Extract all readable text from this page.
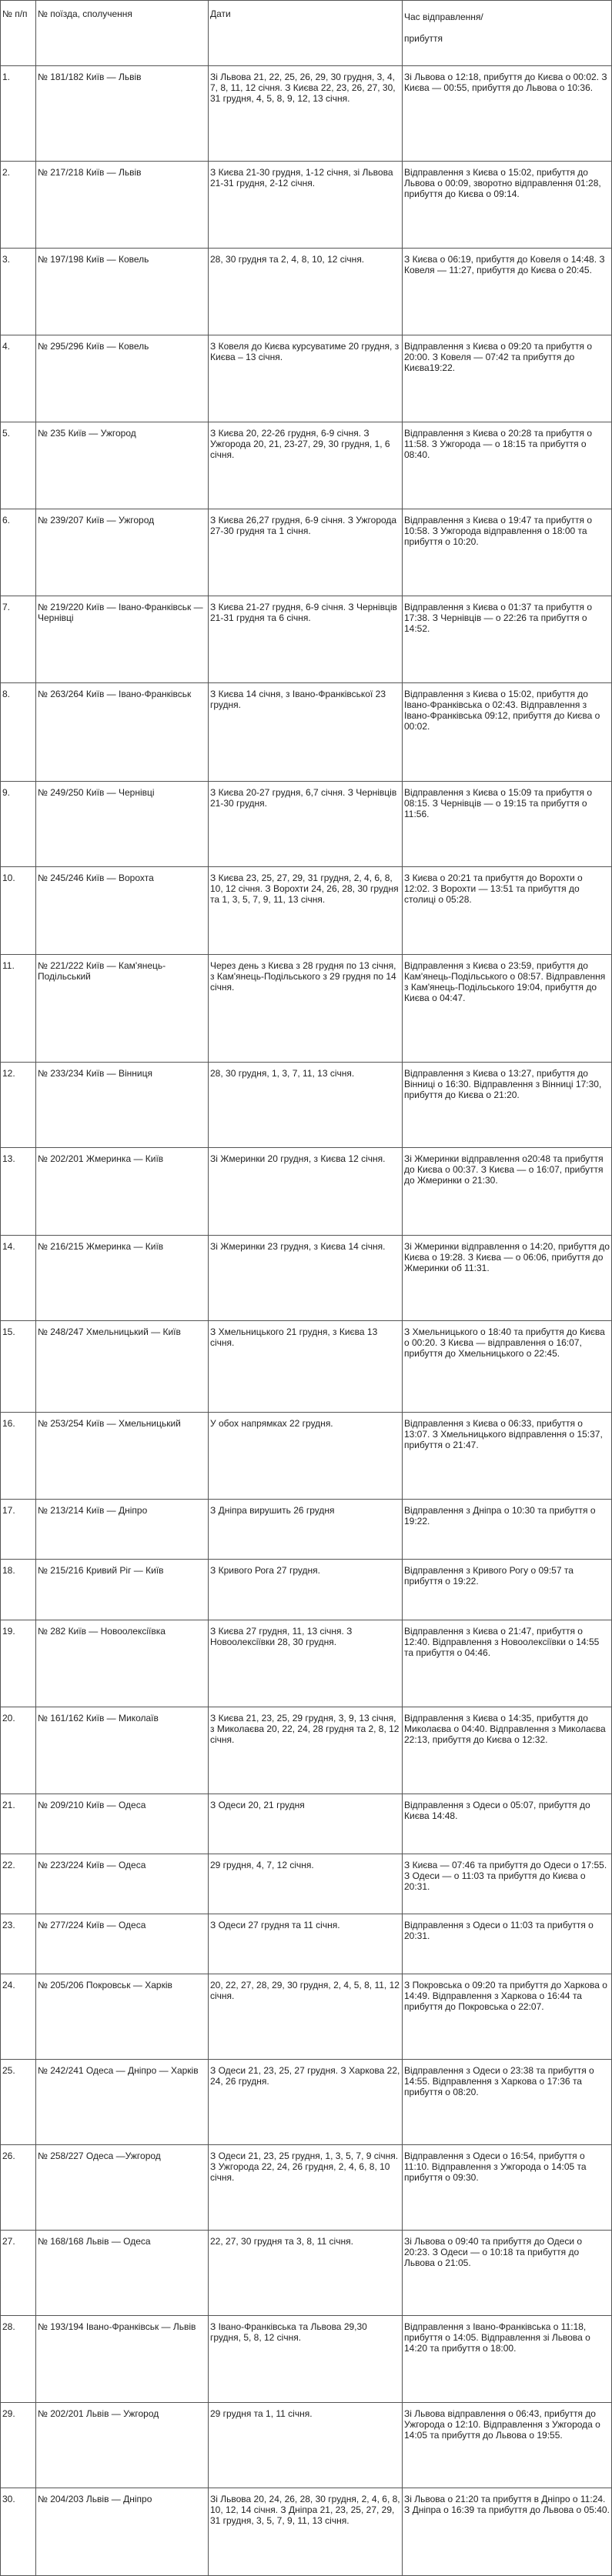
№ п/п	№ поїзда, сполучення	Дати	Час відправлення/
прибуття

1.	№ 181/182 Київ — Львів	Зі Львова 21, 22, 25, 26, 29, 30 грудня, 3, 4, 7, 8, 11, 12 січня. З Києва 22, 23, 26, 27, 30, 31 грудня, 4, 5, 8, 9, 12, 13 січня.	Зі Львова о 12:18, прибуття до Києва о 00:02. З Києва — 00:55, прибуття до Львова о 10:36.
2.	№ 217/218 Київ — Львів	З Києва 21-30 грудня, 1-12 січня, зі Львова 21-31 грудня, 2-12 січня.	Відправлення з Києва о 15:02, прибуття до Львова о 00:09, зворотно відправлення 01:28, прибуття до Києва о 09:14.
3.	№ 197/198 Київ — Ковель	28, 30 грудня та 2, 4, 8, 10, 12 січня.	З Києва о 06:19, прибуття до Ковеля о 14:48. З Ковеля — 11:27, прибуття до Києва о 20:45.
4.	№ 295/296 Київ — Ковель	З Ковеля до Києва курсуватиме 20 грудня, з Києва – 13 січня.	Відправлення з Києва о 09:20 та прибуття о 20:00. З Ковеля — 07:42 та прибуття до Києва19:22.
5.	№ 235 Київ — Ужгород	З Києва 20, 22-26 грудня, 6-9 січня. З Ужгорода 20, 21, 23-27, 29, 30 грудня, 1, 6 січня.	Відправлення з Києва о 20:28 та прибуття о 11:58. З Ужгорода — о 18:15 та прибуття о 08:40.
6.	№ 239/207 Київ — Ужгород	З Києва 26,27 грудня, 6-9 січня. З Ужгорода 27-30 грудня та 1 січня.	Відправлення з Києва о 19:47 та прибуття о 10:58. З Ужгорода відправлення о 18:00 та прибуття о 10:20.
7.	№ 219/220 Київ — Івано-Франківськ — Чернівці	З Києва 21-27 грудня, 6-9 січня. З Чернівців 21-31 грудня та 6 січня.	Відправлення з Києва о 01:37 та прибуття о 17:38. З Чернівців — о 22:26 та прибуття о 14:52.
8.	№ 263/264 Київ — Івано-Франківськ	З Києва 14 січня, з Івано-Франківської 23 грудня.	Відправлення з Києва о 15:02, прибуття до Івано-Франківська о 02:43. Відправлення з Івано-Франківська 09:12, прибуття до Києва о 00:02.
9.	№ 249/250 Київ — Чернівці	З Києва 20-27 грудня, 6,7 січня. З Чернівців 21-30 грудня.	Відправлення з Києва о 15:09 та прибуття о 08:15. З Чернівців — о 19:15 та прибуття о 11:56.
10.	№ 245/246 Київ — Ворохта	З Києва 23, 25, 27, 29, 31 грудня, 2, 4, 6, 8, 10, 12 січня. З Ворохти 24, 26, 28, 30 грудня та 1, 3, 5, 7, 9, 11, 13 січня.	З Києва о 20:21 та прибуття до Ворохти о 12:02. З Ворохти — 13:51 та прибуття до столиці о 05:28.
11.	№ 221/222 Київ — Кам'янець-Подільський	Через день з Києва з 28 грудня по 13 січня, з Кам'янець-Подільського з 29 грудня по 14 січня.	Відправлення з Києва о 23:59, прибуття до Кам'янець-Подільського о 08:57. Відправлення з Кам'янець-Подільського 19:04, прибуття до Києва о 04:47.
12.	№ 233/234 Київ — Вінниця	28, 30 грудня, 1, 3, 7, 11, 13 січня.	Відправлення з Києва о 13:27, прибуття до Вінниці о 16:30. Відправлення з Вінниці 17:30, прибуття до Києва о 21:20.
13.	№ 202/201 Жмеринка — Київ	Зі Жмеринки 20 грудня, з Києва 12 січня.	Зі Жмеринки відправлення о20:48 та прибуття до Києва о 00:37. З Києва — о 16:07, прибуття до Жмеринки о 21:30.
14.	№ 216/215 Жмеринка — Київ	Зі Жмеринки 23 грудня, з Києва 14 січня.	Зі Жмеринки відправлення о 14:20, прибуття до Києва о 19:28. З Києва — о 06:06, прибуття до Жмеринки об 11:31.
15.	№ 248/247 Хмельницький — Київ	З Хмельницького 21 грудня, з Києва 13 січня.	З Хмельницького о 18:40 та прибуття до Києва о 00:20. З Києва — відправлення о 16:07, прибуття до Хмельницького о 22:45.
16.	№ 253/254 Київ — Хмельницький	У обох напрямках 22 грудня.	Відправлення з Києва о 06:33, прибуття о 13:07. З Хмельницького відправлення о 15:37, прибуття о 21:47.
17.	№ 213/214 Київ — Дніпро	З Дніпра вирушить 26 грудня	Відправлення з Дніпра о 10:30 та прибуття о 19:22.
18.	№ 215/216 Кривий Ріг — Київ	З Кривого Рога 27 грудня.	Відправлення з Кривого Рогу о 09:57 та прибуття о 19:22.
19.	№ 282 Київ — Новоолексіївка	З Києва 27 грудня, 11, 13 січня. З Новоолексіївки 28, 30 грудня.	Відправлення з Києва о 21:47, прибуття о 12:40. Відправлення з Новоолексіївки о 14:55 та прибуття о 04:46.
20.	№ 161/162 Київ — Миколаїв	З Києва 21, 23, 25, 29 грудня, 3, 9, 13 січня, з Миколаєва 20, 22, 24, 28 грудня та 2, 8, 12 січня.	Відправлення з Києва о 14:35, прибуття до Миколаєва о 04:40. Відправлення з Миколаєва 22:13, прибуття до Києва о 12:32.
21.	№ 209/210 Київ — Одеса	З Одеси 20, 21 грудня	Відправлення з Одеси о 05:07, прибуття до Києва 14:48.
22.	№ 223/224 Київ — Одеса	29 грудня, 4, 7, 12 січня.	З Києва — 07:46 та прибуття до Одеси о 17:55. З Одеси — о 11:03 та прибуття до Києва о 20:31.
23.	№ 277/224 Київ — Одеса	З Одеси 27 грудня та 11 січня.	Відправлення з Одеси о 11:03 та прибуття о 20:31.
24.	№ 205/206 Покровськ — Харків	20, 22, 27, 28, 29, 30 грудня, 2, 4, 5, 8, 11, 12 січня.	З Покровська о 09:20 та прибуття до Харкова о 14:49. Відправлення з Харкова о 16:44 та прибуття до Покровська о 22:07.
25.	№ 242/241 Одеса — Дніпро — Харків	З Одеси 21, 23, 25, 27 грудня. З Харкова 22, 24, 26 грудня.	Відправлення з Одеси о 23:38 та прибуття о 14:55. Відправлення з Харкова о 17:36 та прибуття о 08:20.
26.	№ 258/227 Одеса —Ужгород	З Одеси 21, 23, 25 грудня, 1, 3, 5, 7, 9 січня. З Ужгорода 22, 24, 26 грудня, 2, 4, 6, 8, 10 січня.	Відправлення з Одеси о 16:54, прибуття о 11:10. Відправлення з Ужгорода о 14:05 та прибуття о 09:30.
27.	№ 168/168 Львів — Одеса	22, 27, 30 грудня та 3, 8, 11 січня.	Зі Львова о 09:40 та прибуття до Одеси о 20:23. З Одеси — о 10:18 та прибуття до Львова о 21:05.
28.	№ 193/194 Івано-Франківськ — Львів	З Івано-Франківська та Львова 29,30 грудня, 5, 8, 12 січня.	Відправлення з Івано-Франківська о 11:18, прибуття о 14:05. Відправлення зі Львова о 14:20 та прибуття о 18:00.
29.	№ 202/201 Львів — Ужгород	29 грудня та 1, 11 січня.	Зі Львова відправлення о 06:43, прибуття до Ужгорода о 12:10. Відправлення з Ужгорода о 14:05 та прибуття до Львова о 19:55.
30.	№ 204/203 Львів — Дніпро	Зі Львова 20, 24, 26, 28, 30 грудня, 2, 4, 6, 8, 10, 12, 14 січня. З Дніпра 21, 23, 25, 27, 29, 31 грудня, 3, 5, 7, 9, 11, 13 січня.	Зі Львова о 21:20 та прибуття в Дніпро о 11:24. З Дніпра о 16:39 та прибуття до Львова о 05:40.
